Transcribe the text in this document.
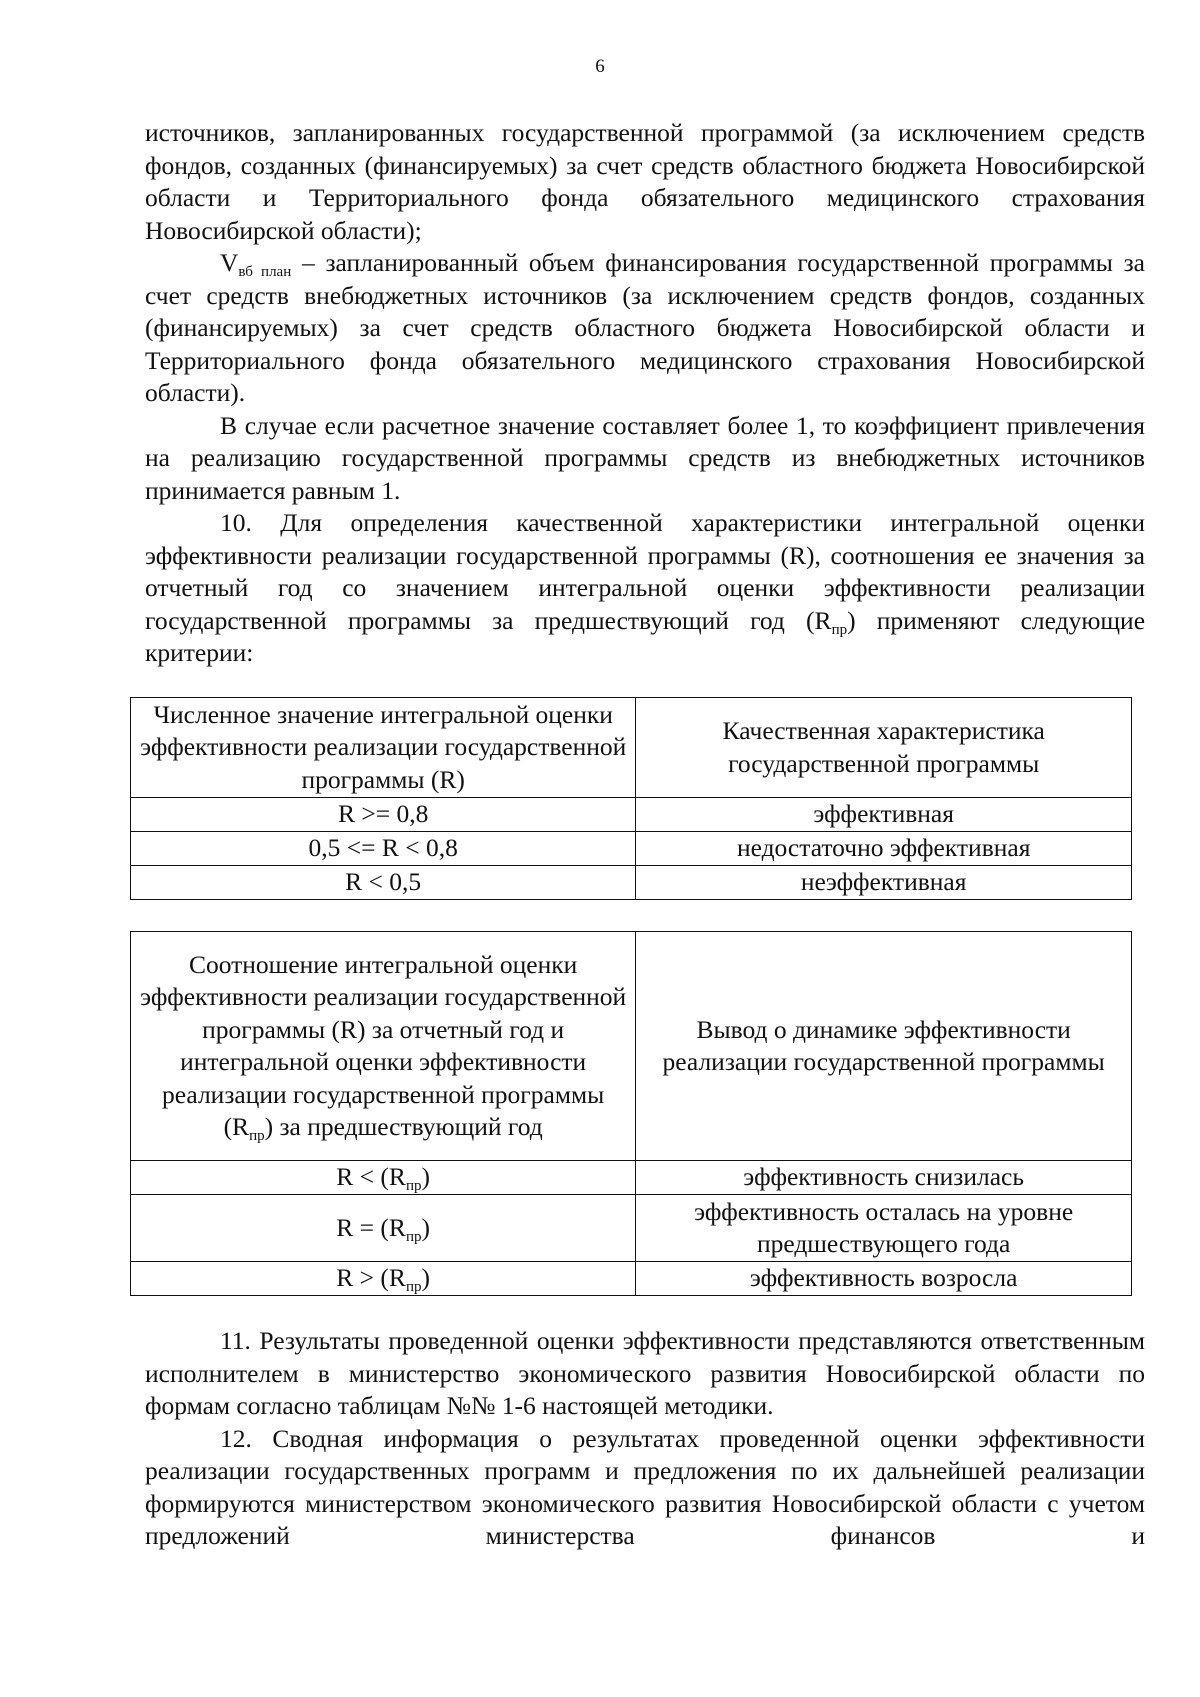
6

источников, запланированных государственной программой (за исключением средств фондов, созданных (финансируемых) за счет средств областного бюджета Новосибирской области и Территориального фонда обязательного медицинского страхования Новосибирской области);

$V_{вб план}$ – запланированный объем финансирования государственной программы за счет средств внебюджетных источников (за исключением средств фондов, созданных (финансируемых) за счет средств областного бюджета Новосибирской области и Территориального фонда обязательного медицинского страхования Новосибирской области).

В случае если расчетное значение составляет более 1, то коэффициент привлечения на реализацию государственной программы средств из внебюджетных источников принимается равным 1.

10. Для определения качественной характеристики интегральной оценки эффективности реализации государственной программы (R), соотношения ее значения за отчетный год со значением интегральной оценки эффективности реализации государственной программы за предшествующий год $(R_{пр})$ применяют следующие критерии:

Численное значение интегральной оценки эффективности реализации государственной программы (R)	Качественная характеристика государственной программы
R >= 0,8	эффективная
0,5 <= R < 0,8	недостаточно эффективная
R < 0,5	неэффективная
Соотношение интегральной оценки эффективности реализации государственной программы (R) за отчетный год и интегральной оценки эффективности реализации государственной программы $(R_{пр})$ за предшествующий год	Вывод о динамике эффективности реализации государственной программы
$R < (R_{пр})$	эффективность снизилась
$R = (R_{пр})$	эффективность осталась на уровне предшествующего года
$R > (R_{пр})$	эффективность возросла

11. Результаты проведенной оценки эффективности представляются ответственным исполнителем в министерство экономического развития Новосибирской области по формам согласно таблицам №№ 1-6 настоящей методики.

12. Сводная информация о результатах проведенной оценки эффективности реализации государственных программ и предложения по их дальнейшей реализации формируются министерством экономического развития Новосибирской области с учетом предложений министерства финансов и
